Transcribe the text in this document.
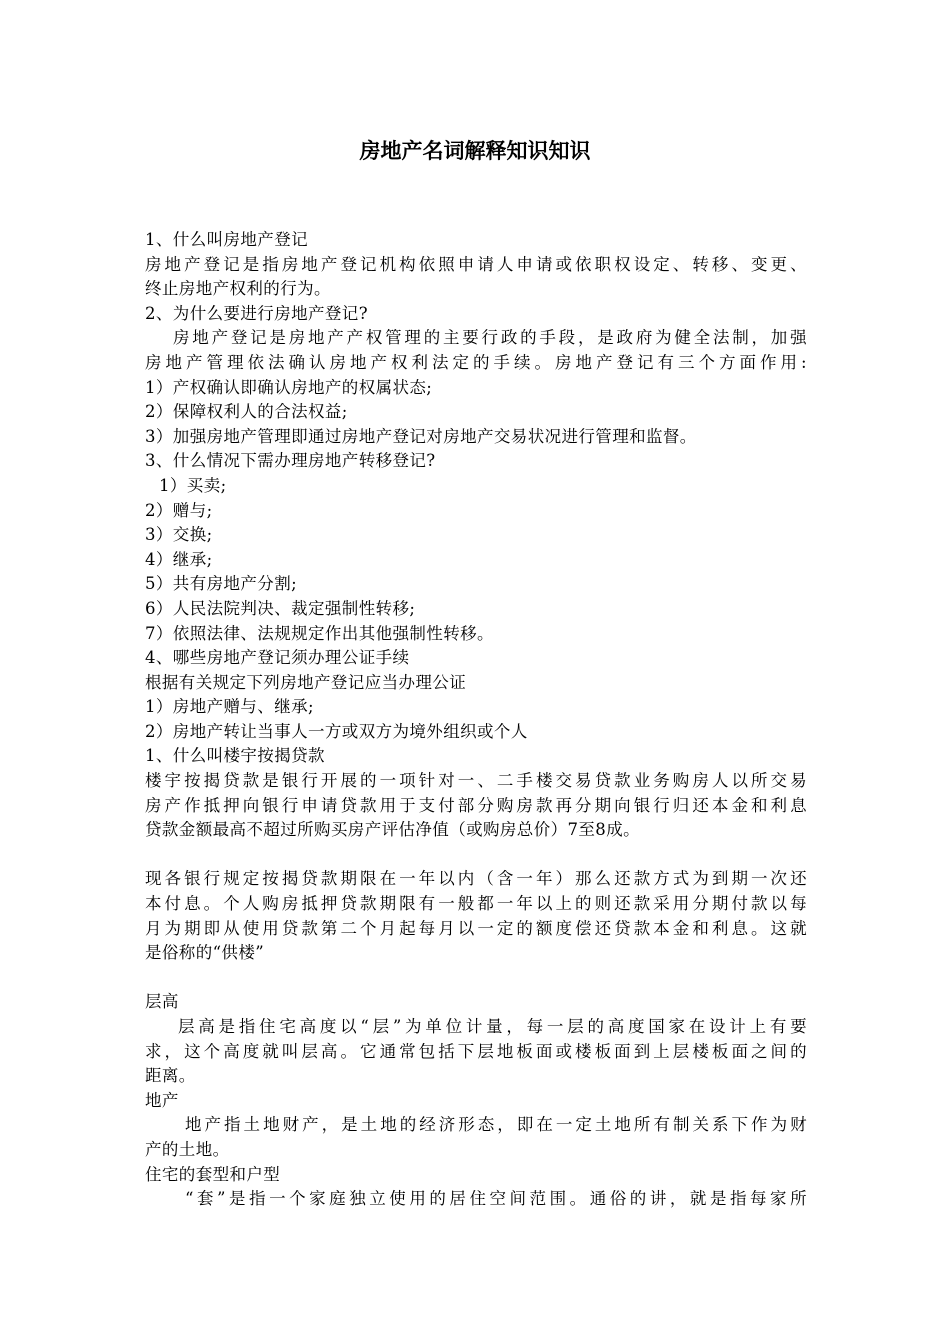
房地产名词解释知识知识
1、什么叫房地产登记
房地产登记是指房地产登记机构依照申请人申请或依职权设定、转移、变更、
终止房地产权利的行为。
2、为什么要进行房地产登记?
房地产登记是房地产产权管理的主要行政的手段，是政府为健全法制，加强
房地产管理依法确认房地产权利法定的手续。房地产登记有三个方面作用:
1）产权确认即确认房地产的权属状态;
2）保障权利人的合法权益;
3）加强房地产管理即通过房地产登记对房地产交易状况进行管理和监督。
3、什么情况下需办理房地产转移登记?
1）买卖;
2）赠与;
3）交换;
4）继承;
5）共有房地产分割;
6）人民法院判决、裁定强制性转移;
7）依照法律、法规规定作出其他强制性转移。
4、哪些房地产登记须办理公证手续
根据有关规定下列房地产登记应当办理公证
1）房地产赠与、继承;
2）房地产转让当事人一方或双方为境外组织或个人
1、什么叫楼宇按揭贷款
楼宇按揭贷款是银行开展的一项针对一、二手楼交易贷款业务购房人以所交易
房产作抵押向银行申请贷款用于支付部分购房款再分期向银行归还本金和利息
贷款金额最高不超过所购买房产评估净值（或购房总价）7至8成。
现各银行规定按揭贷款期限在一年以内（含一年）那么还款方式为到期一次还
本付息。个人购房抵押贷款期限有一般都一年以上的则还款采用分期付款以每
月为期即从使用贷款第二个月起每月以一定的额度偿还贷款本金和利息。这就
是俗称的“供楼”
层高
层高是指住宅高度以“层”为单位计量，每一层的高度国家在设计上有要
求，这个高度就叫层高。它通常包括下层地板面或楼板面到上层楼板面之间的
距离。
地产
地产指土地财产，是土地的经济形态，即在一定土地所有制关系下作为财
产的土地。
住宅的套型和户型
“套”是指一个家庭独立使用的居住空间范围。通俗的讲，就是指每家所
